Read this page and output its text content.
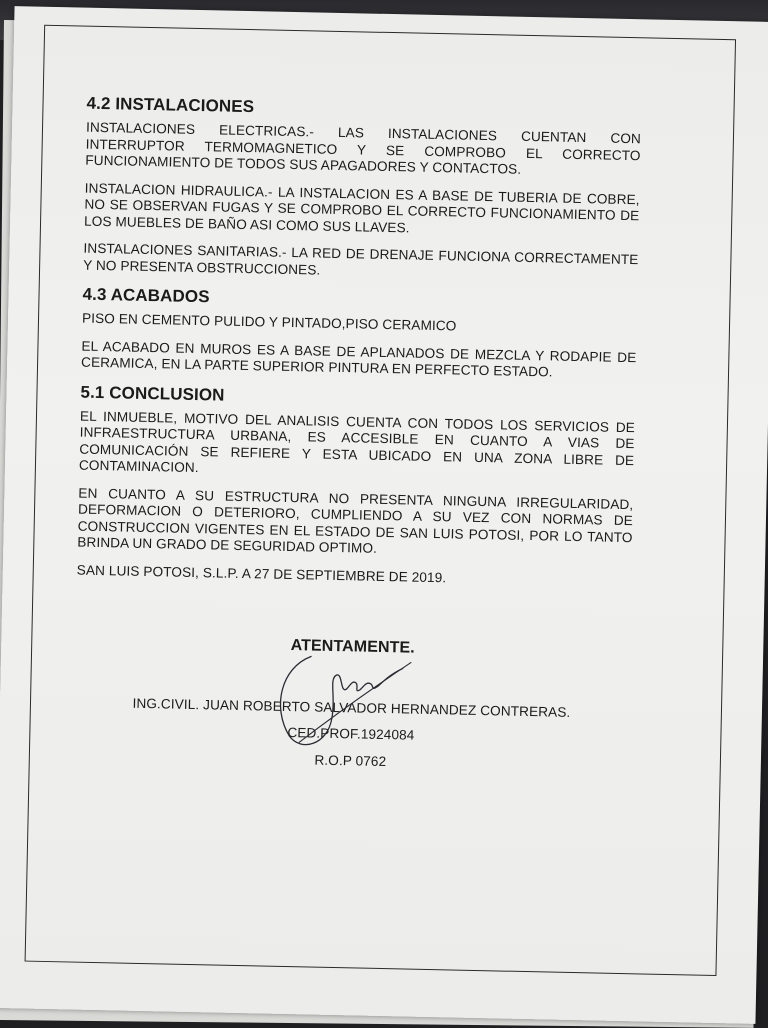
4.2 INSTALACIONES

INSTALACIONES ELECTRICAS.- LAS INSTALACIONES CUENTAN CON INTERRUPTOR TERMOMAGNETICO Y SE COMPROBO EL CORRECTO FUNCIONAMIENTO DE TODOS SUS APAGADORES Y CONTACTOS.

INSTALACION HIDRAULICA.- LA INSTALACION ES A BASE DE TUBERIA DE COBRE, NO SE OBSERVAN FUGAS Y SE COMPROBO EL CORRECTO FUNCIONAMIENTO DE LOS MUEBLES DE BAÑO ASI COMO SUS LLAVES.

INSTALACIONES SANITARIAS.- LA RED DE DRENAJE FUNCIONA CORRECTAMENTE Y NO PRESENTA OBSTRUCCIONES.

4.3 ACABADOS

PISO EN CEMENTO PULIDO Y PINTADO,PISO CERAMICO

EL ACABADO EN MUROS ES A BASE DE APLANADOS DE MEZCLA Y RODAPIE DE CERAMICA, EN LA PARTE SUPERIOR PINTURA EN PERFECTO ESTADO.

5.1 CONCLUSION

EL INMUEBLE, MOTIVO DEL ANALISIS CUENTA CON TODOS LOS SERVICIOS DE INFRAESTRUCTURA URBANA, ES ACCESIBLE EN CUANTO A VIAS DE COMUNICACIÓN SE REFIERE Y ESTA UBICADO EN UNA ZONA LIBRE DE CONTAMINACION.

EN CUANTO A SU ESTRUCTURA NO PRESENTA NINGUNA IRREGULARIDAD, DEFORMACION O DETERIORO, CUMPLIENDO A SU VEZ CON NORMAS DE CONSTRUCCION VIGENTES EN EL ESTADO DE SAN LUIS POTOSI, POR LO TANTO BRINDA UN GRADO DE SEGURIDAD OPTIMO.

SAN LUIS POTOSI, S.L.P. A 27 DE SEPTIEMBRE DE 2019.

ATENTAMENTE.
ING.CIVIL. JUAN ROBERTO SALVADOR HERNANDEZ CONTRERAS.
CED.PROF.1924084
R.O.P 0762
